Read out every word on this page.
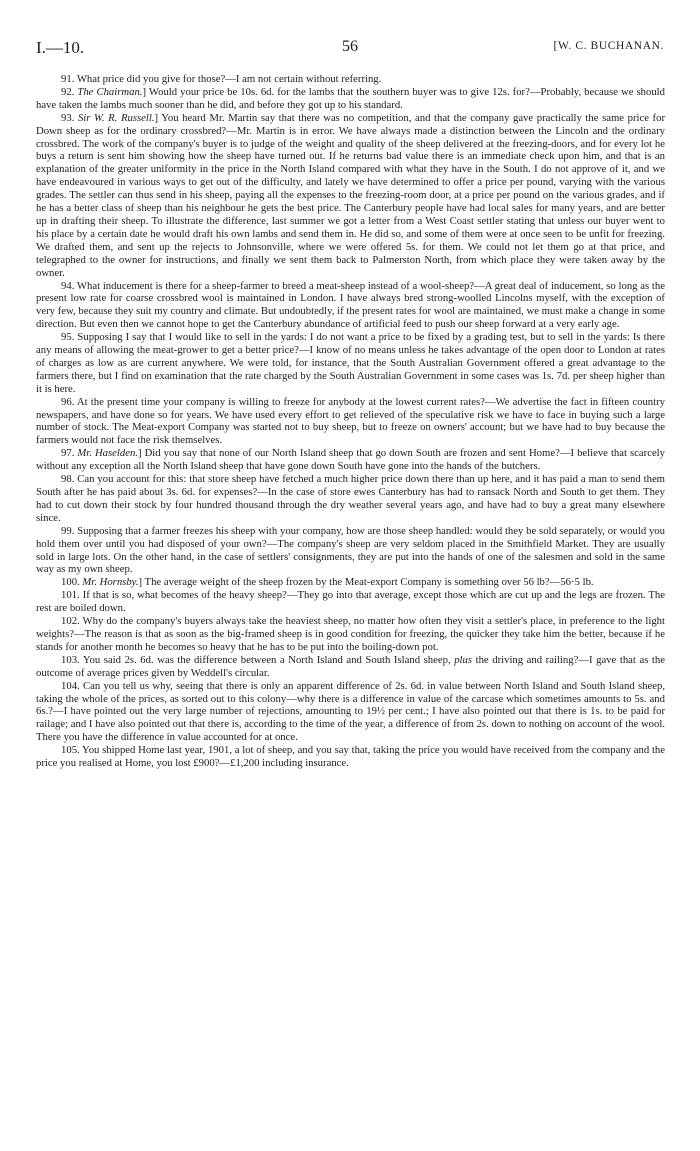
I.—10.	56	[W. C. BUCHANAN.

91. What price did you give for those?—I am not certain without referring.

92. The Chairman.] Would your price be 10s. 6d. for the lambs that the southern buyer was to give 12s. for?—Probably, because we should have taken the lambs much sooner than he did, and before they got up to his standard.

93. Sir W. R. Russell.] You heard Mr. Martin say that there was no competition, and that the company gave practically the same price for Down sheep as for the ordinary crossbred?—Mr. Martin is in error. We have always made a distinction between the Lincoln and the ordinary crossbred. The work of the company's buyer is to judge of the weight and quality of the sheep delivered at the freezing-doors, and for every lot he buys a return is sent him showing how the sheep have turned out. If he returns bad value there is an immediate check upon him, and that is an explanation of the greater uniformity in the price in the North Island compared with what they have in the South. I do not approve of it, and we have endeavoured in various ways to get out of the difficulty, and lately we have determined to offer a price per pound, varying with the various grades. The settler can thus send in his sheep, paying all the expenses to the freezing-room door, at a price per pound on the various grades, and if he has a better class of sheep than his neighbour he gets the best price. The Canterbury people have had local sales for many years, and are better up in drafting their sheep. To illustrate the difference, last summer we got a letter from a West Coast settler stating that unless our buyer went to his place by a certain date he would draft his own lambs and send them in. He did so, and some of them were at once seen to be unfit for freezing. We drafted them, and sent up the rejects to Johnsonville, where we were offered 5s. for them. We could not let them go at that price, and telegraphed to the owner for instructions, and finally we sent them back to Palmerston North, from which place they were taken away by the owner.

94. What inducement is there for a sheep-farmer to breed a meat-sheep instead of a wool-sheep?—A great deal of inducement, so long as the present low rate for coarse crossbred wool is maintained in London. I have always bred strong-woolled Lincolns myself, with the exception of very few, because they suit my country and climate. But undoubtedly, if the present rates for wool are maintained, we must make a change in some direction. But even then we cannot hope to get the Canterbury abundance of artificial feed to push our sheep forward at a very early age.

95. Supposing I say that I would like to sell in the yards: I do not want a price to be fixed by a grading test, but to sell in the yards: Is there any means of allowing the meat-grower to get a better price?—I know of no means unless he takes advantage of the open door to London at rates of charges as low as are current anywhere. We were told, for instance, that the South Australian Government offered a great advantage to the farmers there, but I find on examination that the rate charged by the South Australian Government in some cases was 1s. 7d. per sheep higher than it is here.

96. At the present time your company is willing to freeze for anybody at the lowest current rates?—We advertise the fact in fifteen country newspapers, and have done so for years. We have used every effort to get relieved of the speculative risk we have to face in buying such a large number of stock. The Meat-export Company was started not to buy sheep, but to freeze on owners' account; but we have had to buy because the farmers would not face the risk themselves.

97. Mr. Haselden.] Did you say that none of our North Island sheep that go down South are frozen and sent Home?—I believe that scarcely without any exception all the North Island sheep that have gone down South have gone into the hands of the butchers.

98. Can you account for this: that store sheep have fetched a much higher price down there than up here, and it has paid a man to send them South after he has paid about 3s. 6d. for expenses?—In the case of store ewes Canterbury has had to ransack North and South to get them. They had to cut down their stock by four hundred thousand through the dry weather several years ago, and have had to buy a great many elsewhere since.

99. Supposing that a farmer freezes his sheep with your company, how are those sheep handled: would they be sold separately, or would you hold them over until you had disposed of your own?—The company's sheep are very seldom placed in the Smithfield Market. They are usually sold in large lots. On the other hand, in the case of settlers' consignments, they are put into the hands of one of the salesmen and sold in the same way as my own sheep.

100. Mr. Hornsby.] The average weight of the sheep frozen by the Meat-export Company is something over 56 lb?—56·5 lb.

101. If that is so, what becomes of the heavy sheep?—They go into that average, except those which are cut up and the legs are frozen. The rest are boiled down.

102. Why do the company's buyers always take the heaviest sheep, no matter how often they visit a settler's place, in preference to the light weights?—The reason is that as soon as the big-framed sheep is in good condition for freezing, the quicker they take him the better, because if he stands for another month he becomes so heavy that he has to be put into the boiling-down pot.

103. You said 2s. 6d. was the difference between a North Island and South Island sheep, plus the driving and railing?—I gave that as the outcome of average prices given by Weddell's circular.

104. Can you tell us why, seeing that there is only an apparent difference of 2s. 6d. in value between North Island and South Island sheep, taking the whole of the prices, as sorted out to this colony—why there is a difference in value of the carcase which sometimes amounts to 5s. and 6s.?—I have pointed out the very large number of rejections, amounting to 19½ per cent.; I have also pointed out that there is 1s. to be paid for railage; and I have also pointed out that there is, according to the time of the year, a difference of from 2s. down to nothing on account of the wool. There you have the difference in value accounted for at once.

105. You shipped Home last year, 1901, a lot of sheep, and you say that, taking the price you would have received from the company and the price you realised at Home, you lost £900?—£1,200 including insurance.
